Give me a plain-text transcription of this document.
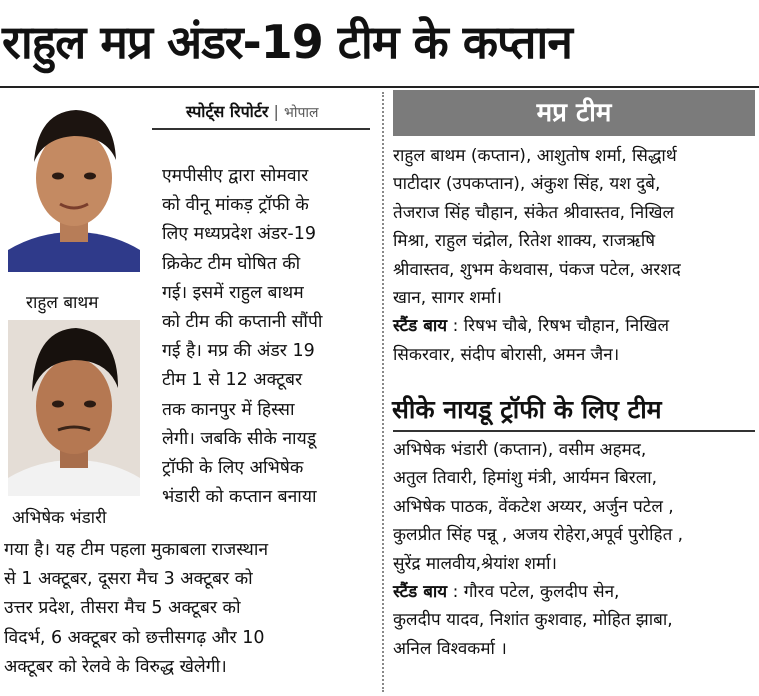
राहुल मप्र अंडर-19 टीम के कप्तान
स्पोर्ट्स रिपोर्टर | भोपाल
राहुल बाथम
अभिषेक भंडारी
एमपीसीए द्वारा सोमवार
को वीनू मांकड़ ट्रॉफी के
लिए मध्यप्रदेश अंडर-19
क्रिकेट टीम घोषित की
गई। इसमें राहुल बाथम
को टीम की कप्तानी सौंपी
गई है। मप्र की अंडर 19
टीम 1 से 12 अक्टूबर
तक कानपुर में हिस्सा
लेगी। जबकि सीके नायडू
ट्रॉफी के लिए अभिषेक
भंडारी को कप्तान बनाया
गया है। यह टीम पहला मुकाबला राजस्थान
से 1 अक्टूबर, दूसरा मैच 3 अक्टूबर को
उत्तर प्रदेश, तीसरा मैच 5 अक्टूबर को
विदर्भ, 6 अक्टूबर को छत्तीसगढ़ और 10
अक्टूबर को रेलवे के विरुद्ध खेलेगी।
मप्र टीम
राहुल बाथम (कप्तान), आशुतोष शर्मा, सिद्धार्थ
पाटीदार (उपकप्तान), अंकुश सिंह, यश दुबे,
तेजराज सिंह चौहान, संकेत श्रीवास्तव, निखिल
मिश्रा, राहुल चंद्रोल, रितेश शाक्य, राजऋषि
श्रीवास्तव, शुभम केथवास, पंकज पटेल, अरशद
खान, सागर शर्मा।
स्टैंड बाय : रिषभ चौबे, रिषभ चौहान, निखिल
सिकरवार, संदीप बोरासी, अमन जैन।
सीके नायडू ट्रॉफी के लिए टीम
अभिषेक भंडारी (कप्तान), वसीम अहमद,
अतुल तिवारी, हिमांशु मंत्री, आर्यमन बिरला,
अभिषेक पाठक, वेंकटेश अय्यर, अर्जुन पटेल ,
कुलप्रीत सिंह पन्नू , अजय रोहेरा,अपूर्व पुरोहित ,
सुरेंद्र मालवीय,श्रेयांश शर्मा।
स्टैंड बाय : गौरव पटेल, कुलदीप सेन,
कुलदीप यादव, निशांत कुशवाह, मोहित झाबा,
अनिल विश्वकर्मा ।
